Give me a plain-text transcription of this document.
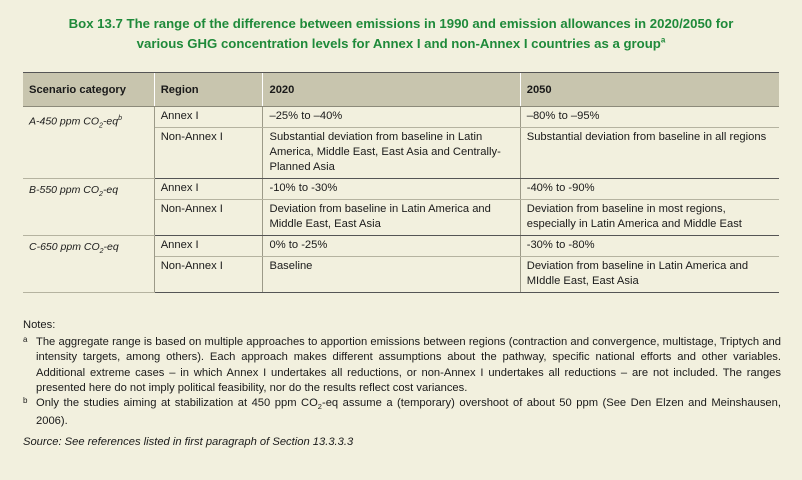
Box 13.7 The range of the difference between emissions in 1990 and emission allowances in 2020/2050 for
various GHG concentration levels for Annex I and non-Annex I countries as a group$^a$
Scenario category	Region	2020	2050
A-450 ppm $CO_2-eq^b$	Annex I	–25% to –40%	–80% to –95%
	Non-Annex I	Substantial deviation from baseline in Latin America, Middle East, East Asia and Centrally-Planned Asia	Substantial deviation from baseline in all regions
B-550 ppm $CO_2-eq$	Annex I	-10% to -30%	-40% to -90%
	Non-Annex I	Deviation from baseline in Latin America and Middle East, East Asia	Deviation from baseline in most regions, especially in Latin America and Middle East
C-650 ppm $CO_2-eq$	Annex I	0% to -25%	-30% to -80%
	Non-Annex I	Baseline	Deviation from baseline in Latin America and MIddle East, East Asia
Notes:
a The aggregate range is based on multiple approaches to apportion emissions between regions (contraction and convergence, multistage, Triptych and intensity targets, among others). Each approach makes different assumptions about the pathway, specific national efforts and other variables. Additional extreme cases – in which Annex I undertakes all reductions, or non-Annex I undertakes all reductions – are not included. The ranges presented here do not imply political feasibility, nor do the results reflect cost variances.
b Only the studies aiming at stabilization at 450 ppm $CO_2-eq$ assume a (temporary) overshoot of about 50 ppm (See Den Elzen and Meinshausen, 2006).
Source: See references listed in first paragraph of Section 13.3.3.3
